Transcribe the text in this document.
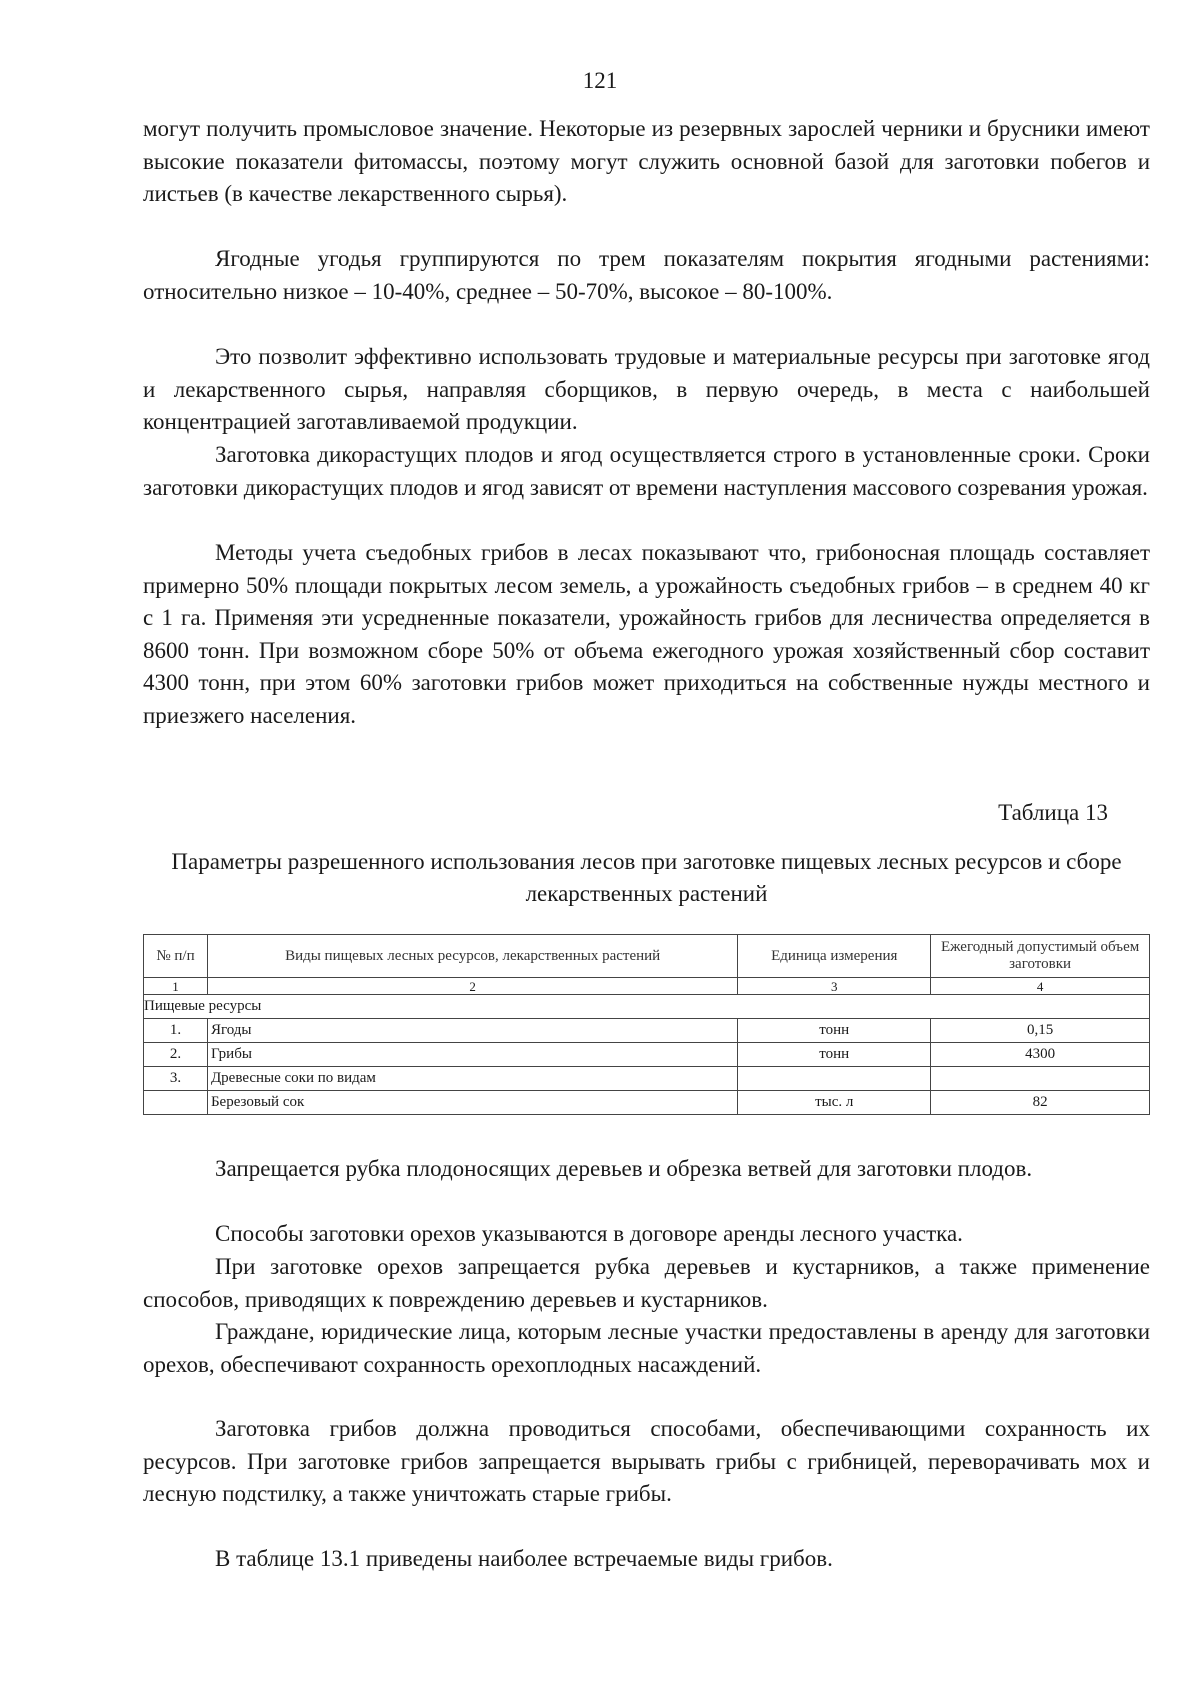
121

могут получить промысловое значение. Некоторые из резервных зарослей черники и брусники имеют высокие показатели фитомассы, поэтому могут служить основной базой для заготовки побегов и листьев (в качестве лекарственного сырья).

Ягодные угодья группируются по трем показателям покрытия ягодными растениями: относительно низкое – 10-40%, среднее – 50-70%, высокое – 80-100%.

Это позволит эффективно использовать трудовые и материальные ресурсы при заготовке ягод и лекарственного сырья, направляя сборщиков, в первую очередь, в места с наибольшей концентрацией заготавливаемой продукции.

Заготовка дикорастущих плодов и ягод осуществляется строго в установленные сроки. Сроки заготовки дикорастущих плодов и ягод зависят от времени наступления массового созревания урожая.

Методы учета съедобных грибов в лесах показывают что, грибоносная площадь составляет примерно 50% площади покрытых лесом земель, а урожайность съедобных грибов – в среднем 40 кг с 1 га. Применяя эти усредненные показатели, урожайность грибов для лесничества определяется в 8600 тонн. При возможном сборе 50% от объема ежегодного урожая хозяйственный сбор составит 4300 тонн, при этом 60% заготовки грибов может приходиться на собственные нужды местного и приезжего населения.

Таблица 13
Параметры разрешенного использования лесов при заготовке пищевых лесных ресурсов и сборе лекарственных растений
№ п/п	Виды пищевых лесных ресурсов, лекарственных растений	Единица измерения	Ежегодный допустимый объем заготовки
1	2	3	4
Пищевые ресурсы			
1.	Ягоды	тонн	0,15
2.	Грибы	тонн	4300
3.	Древесные соки по видам		
	Березовый сок	тыс. л	82

Запрещается рубка плодоносящих деревьев и обрезка ветвей для заготовки плодов.

Способы заготовки орехов указываются в договоре аренды лесного участка.

При заготовке орехов запрещается рубка деревьев и кустарников, а также применение способов, приводящих к повреждению деревьев и кустарников.

Граждане, юридические лица, которым лесные участки предоставлены в аренду для заготовки орехов, обеспечивают сохранность орехоплодных насаждений.

Заготовка грибов должна проводиться способами, обеспечивающими сохранность их ресурсов. При заготовке грибов запрещается вырывать грибы с грибницей, переворачивать мох и лесную подстилку, а также уничтожать старые грибы.

В таблице 13.1 приведены наиболее встречаемые виды грибов.
